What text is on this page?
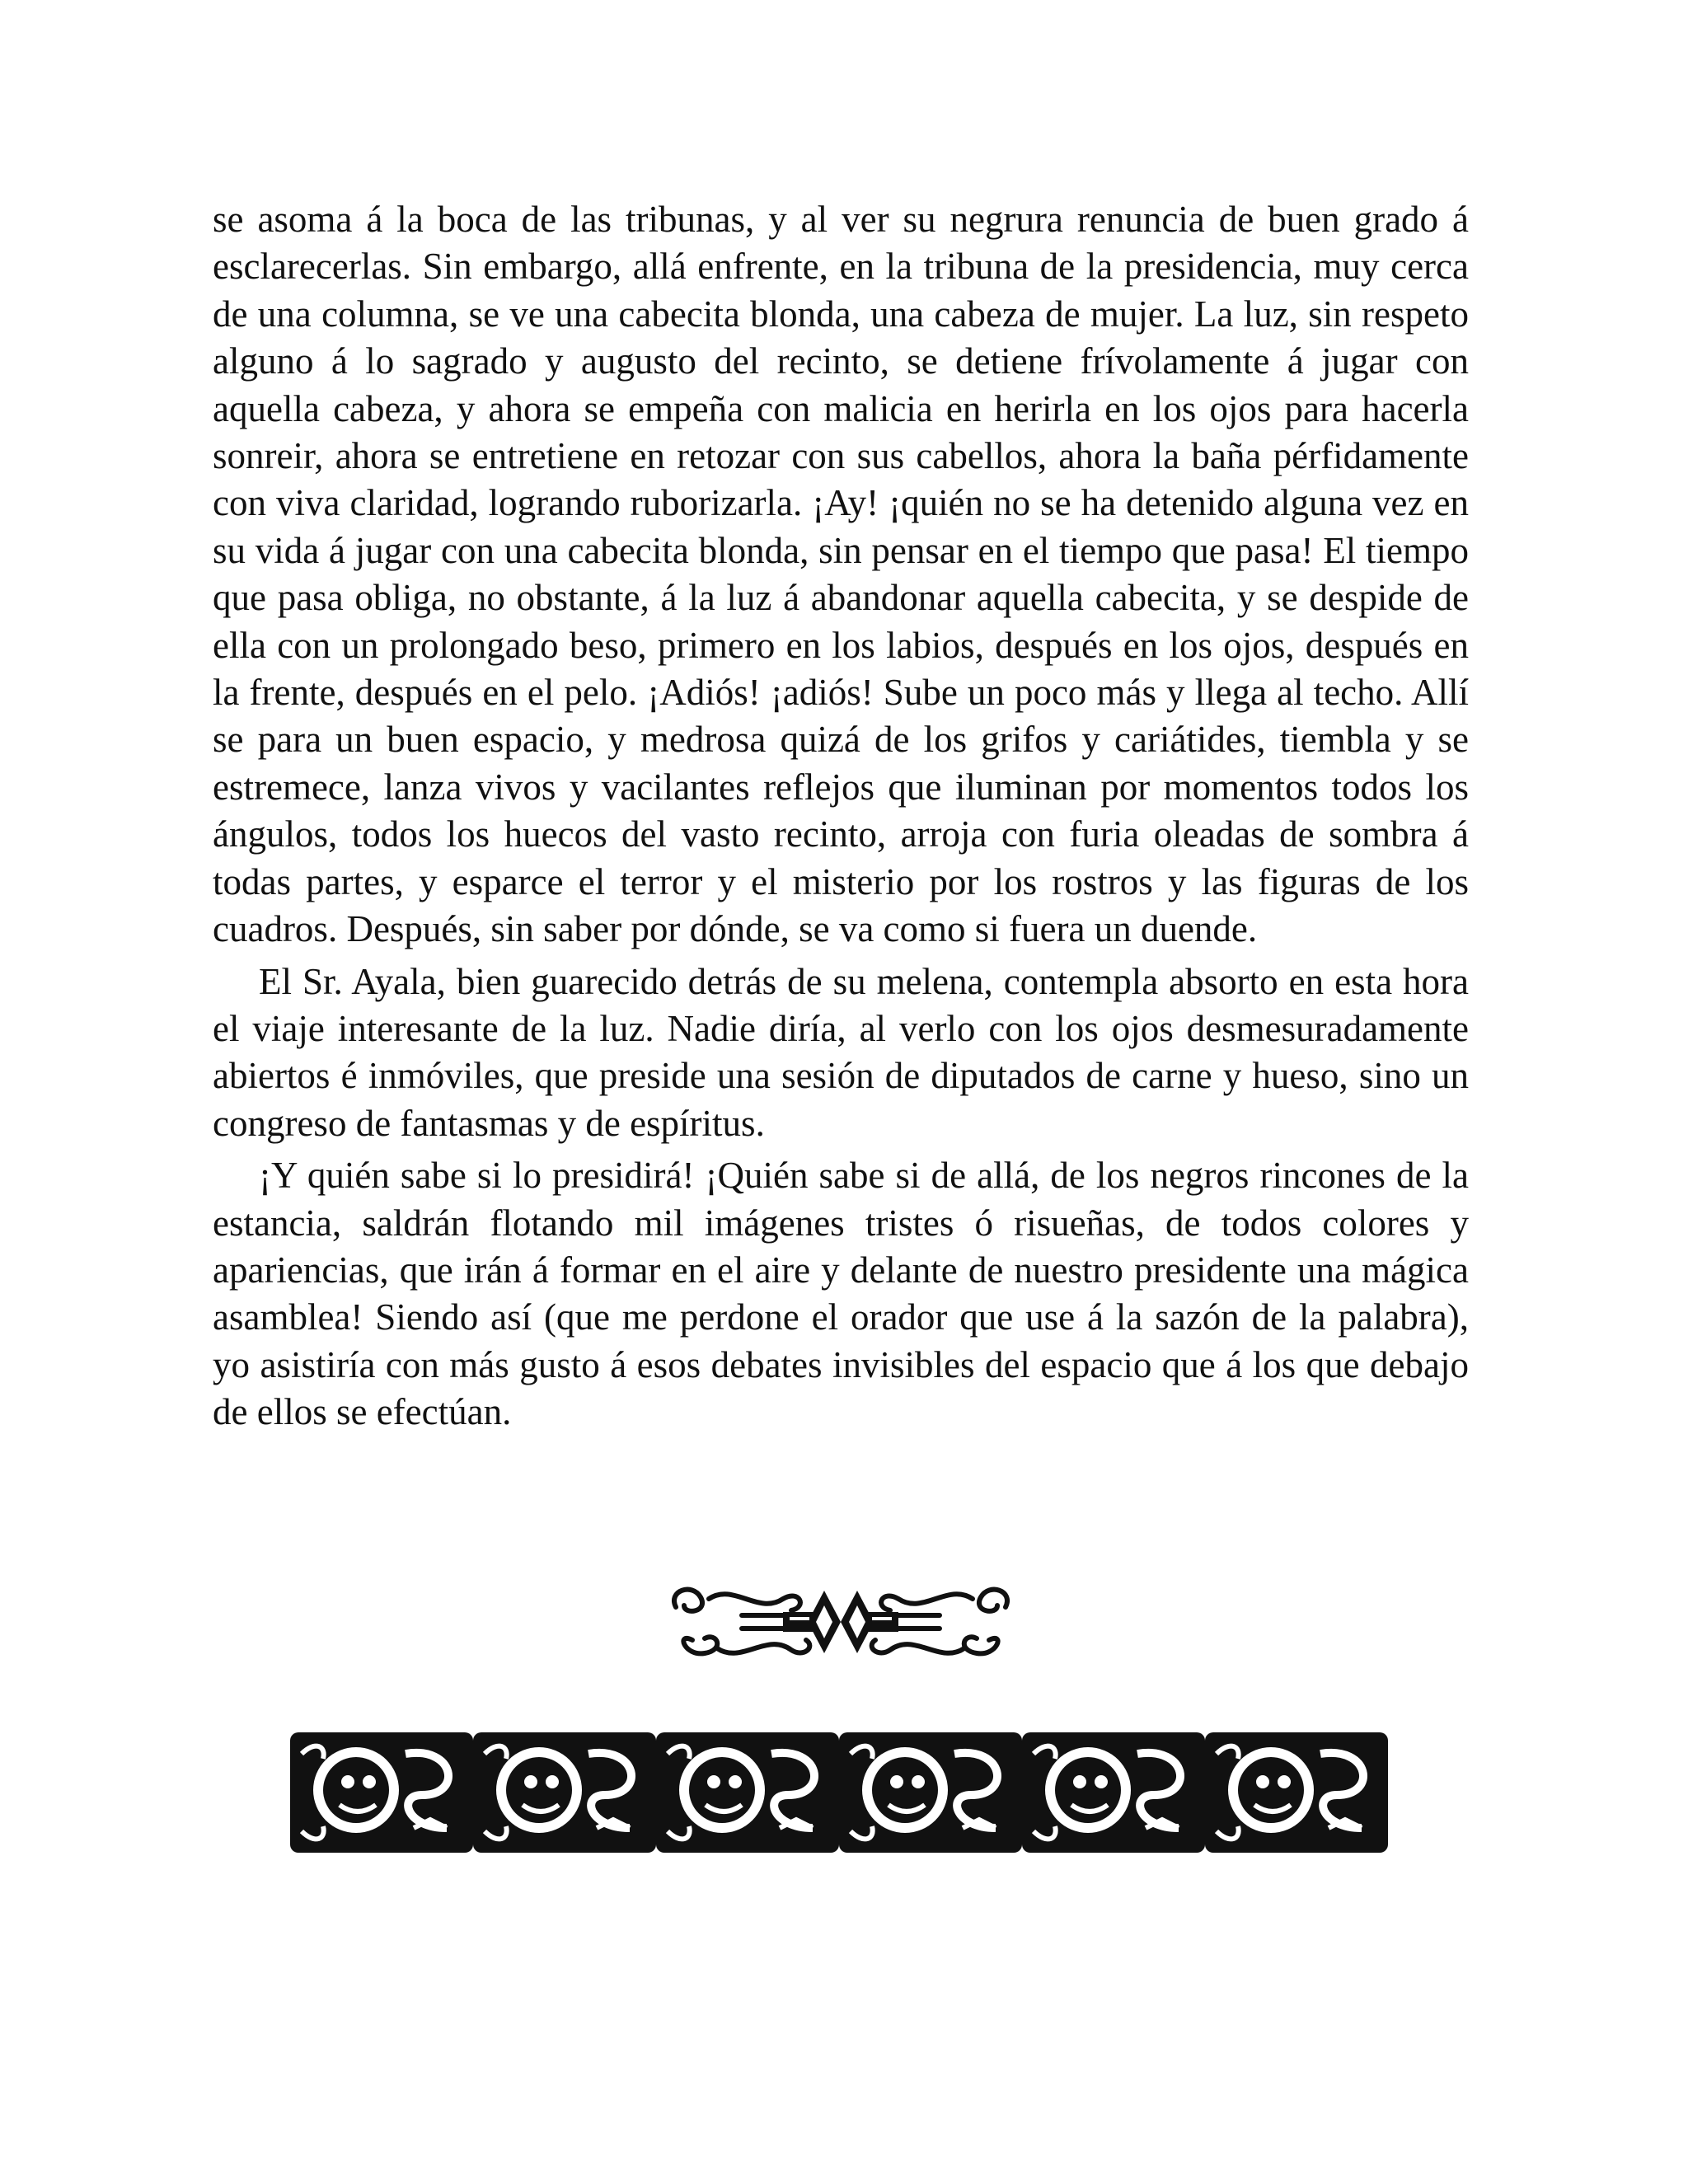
se asoma á la boca de las tribunas, y al ver su negrura renuncia de buen grado á esclarecerlas. Sin embargo, allá enfrente, en la tribuna de la presidencia, muy cerca de una columna, se ve una cabecita blonda, una cabeza de mujer. La luz, sin respeto alguno á lo sagrado y augusto del recinto, se detiene frívolamente á jugar con aquella cabeza, y ahora se empeña con malicia en herirla en los ojos para hacerla sonreir, ahora se entretiene en retozar con sus cabellos, ahora la baña pérfidamente con viva claridad, logrando ruborizarla. ¡Ay! ¡quién no se ha detenido alguna vez en su vida á jugar con una cabecita blonda, sin pensar en el tiempo que pasa! El tiempo que pasa obliga, no obstante, á la luz á abandonar aquella cabecita, y se despide de ella con un prolongado beso, primero en los labios, después en los ojos, después en la frente, después en el pelo. ¡Adiós! ¡adiós! Sube un poco más y llega al techo. Allí se para un buen espacio, y medrosa quizá de los grifos y cariátides, tiembla y se estremece, lanza vivos y vacilantes reflejos que iluminan por momentos todos los ángulos, todos los huecos del vasto recinto, arroja con furia oleadas de sombra á todas partes, y esparce el terror y el misterio por los rostros y las figuras de los cuadros. Después, sin saber por dónde, se va como si fuera un duende.

El Sr. Ayala, bien guarecido detrás de su melena, contempla absorto en esta hora el viaje interesante de la luz. Nadie diría, al verlo con los ojos desmesuradamente abiertos é inmóviles, que preside una sesión de diputados de carne y hueso, sino un congreso de fantasmas y de espíritus.

¡Y quién sabe si lo presidirá! ¡Quién sabe si de allá, de los negros rincones de la estancia, saldrán flotando mil imágenes tristes ó risueñas, de todos colores y apariencias, que irán á formar en el aire y delante de nuestro presidente una mágica asamblea! Siendo así (que me perdone el orador que use á la sazón de la palabra), yo asistiría con más gusto á esos debates invisibles del espacio que á los que debajo de ellos se efectúan.
